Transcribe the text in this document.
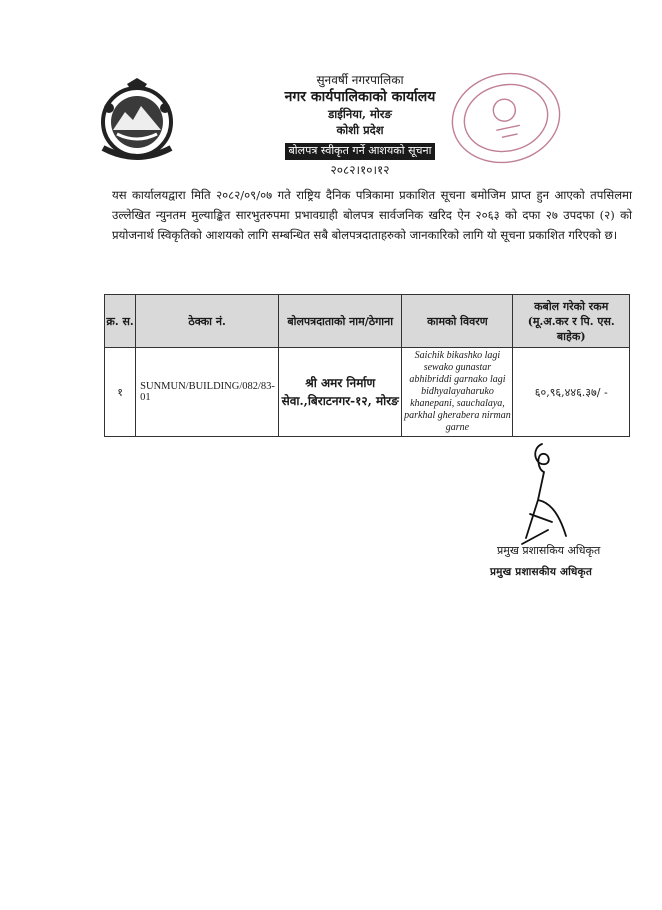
सुनवर्षी नगरपालिका
नगर कार्यपालिकाको कार्यालय
डाईनिया, मोरङ
कोशी प्रदेश
बोलपत्र स्वीकृत गर्ने आशयको सूचना
२०८२।१०।१२
यस कार्यालयद्वारा मिति २०८२/०९/०७ गते राष्ट्रिय दैनिक पत्रिकामा प्रकाशित सूचना बमोजिम प्राप्त हुन आएको तपसिलमा उल्लेखित न्युनतम मुल्याङ्कित सारभुतरुपमा प्रभावग्राही बोलपत्र सार्वजनिक खरिद ऐन २०६३ को दफा २७ उपदफा (२) को प्रयोजनार्थ स्विकृतिको आशयको लागि सम्बन्धित सबै बोलपत्रदाताहरुको जानकारिको लागि यो सूचना प्रकाशित गरिएको छ।
क्र. स.	ठेक्का नं.	बोलपत्रदाताको नाम/ठेगाना	कामको विवरण	कबोल गरेको रकम (मू.अ.कर र पि. एस. बाहेक)
१	SUNMUN/BUILDING/082/83-01	श्री अमर निर्माण सेवा.,बिराटनगर-१२, मोरङ	Saichik bikashko lagi sewako gunastar abhibriddi garnako lagi bidhyalayaharuko khanepani, sauchalaya, parkhal gherabera nirman garne	६०,९६,४४६.३७/ -
प्रमुख प्रशासकिय अधिकृत
प्रमुख प्रशासकीय अधिकृत
